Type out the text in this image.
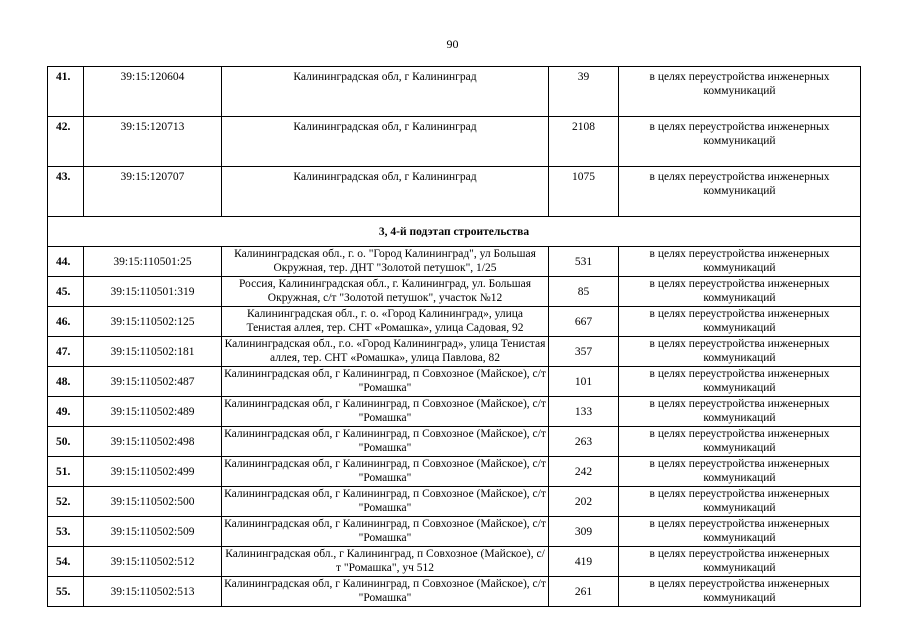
90
41.	39:15:120604	Калининградская обл, г Калининград	39	в целях переустройства инженерных коммуникаций
42.	39:15:120713	Калининградская обл, г Калининград	2108	в целях переустройства инженерных коммуникаций
43.	39:15:120707	Калининградская обл, г Калининград	1075	в целях переустройства инженерных коммуникаций
3, 4-й подэтап строительства				
44.	39:15:110501:25	Калининградская обл., г. о. "Город Калининград", ул Большая Окружная, тер. ДНТ "Золотой петушок", 1/25	531	в целях переустройства инженерных коммуникаций
45.	39:15:110501:319	Россия, Калининградская обл., г. Калининград, ул. Большая Окружная, с/т "Золотой петушок", участок №12	85	в целях переустройства инженерных коммуникаций
46.	39:15:110502:125	Калининградская обл., г. о. «Город Калининград», улица Тенистая аллея, тер. СНТ «Ромашка», улица Садовая, 92	667	в целях переустройства инженерных коммуникаций
47.	39:15:110502:181	Калининградская обл., г.о. «Город Калининград», улица Тенистая аллея, тер. СНТ «Ромашка», улица Павлова, 82	357	в целях переустройства инженерных коммуникаций
48.	39:15:110502:487	Калининградская обл, г Калининград, п Совхозное (Майское), с/т "Ромашка"	101	в целях переустройства инженерных коммуникаций
49.	39:15:110502:489	Калининградская обл, г Калининград, п Совхозное (Майское), с/т "Ромашка"	133	в целях переустройства инженерных коммуникаций
50.	39:15:110502:498	Калининградская обл, г Калининград, п Совхозное (Майское), с/т "Ромашка"	263	в целях переустройства инженерных коммуникаций
51.	39:15:110502:499	Калининградская обл, г Калининград, п Совхозное (Майское), с/т "Ромашка"	242	в целях переустройства инженерных коммуникаций
52.	39:15:110502:500	Калининградская обл, г Калининград, п Совхозное (Майское), с/т "Ромашка"	202	в целях переустройства инженерных коммуникаций
53.	39:15:110502:509	Калининградская обл, г Калининград, п Совхозное (Майское), с/т "Ромашка"	309	в целях переустройства инженерных коммуникаций
54.	39:15:110502:512	Калининградская обл., г Калининград, п Совхозное (Майское), с/т "Ромашка", уч 512	419	в целях переустройства инженерных коммуникаций
55.	39:15:110502:513	Калининградская обл, г Калининград, п Совхозное (Майское), с/т "Ромашка"	261	в целях переустройства инженерных коммуникаций
